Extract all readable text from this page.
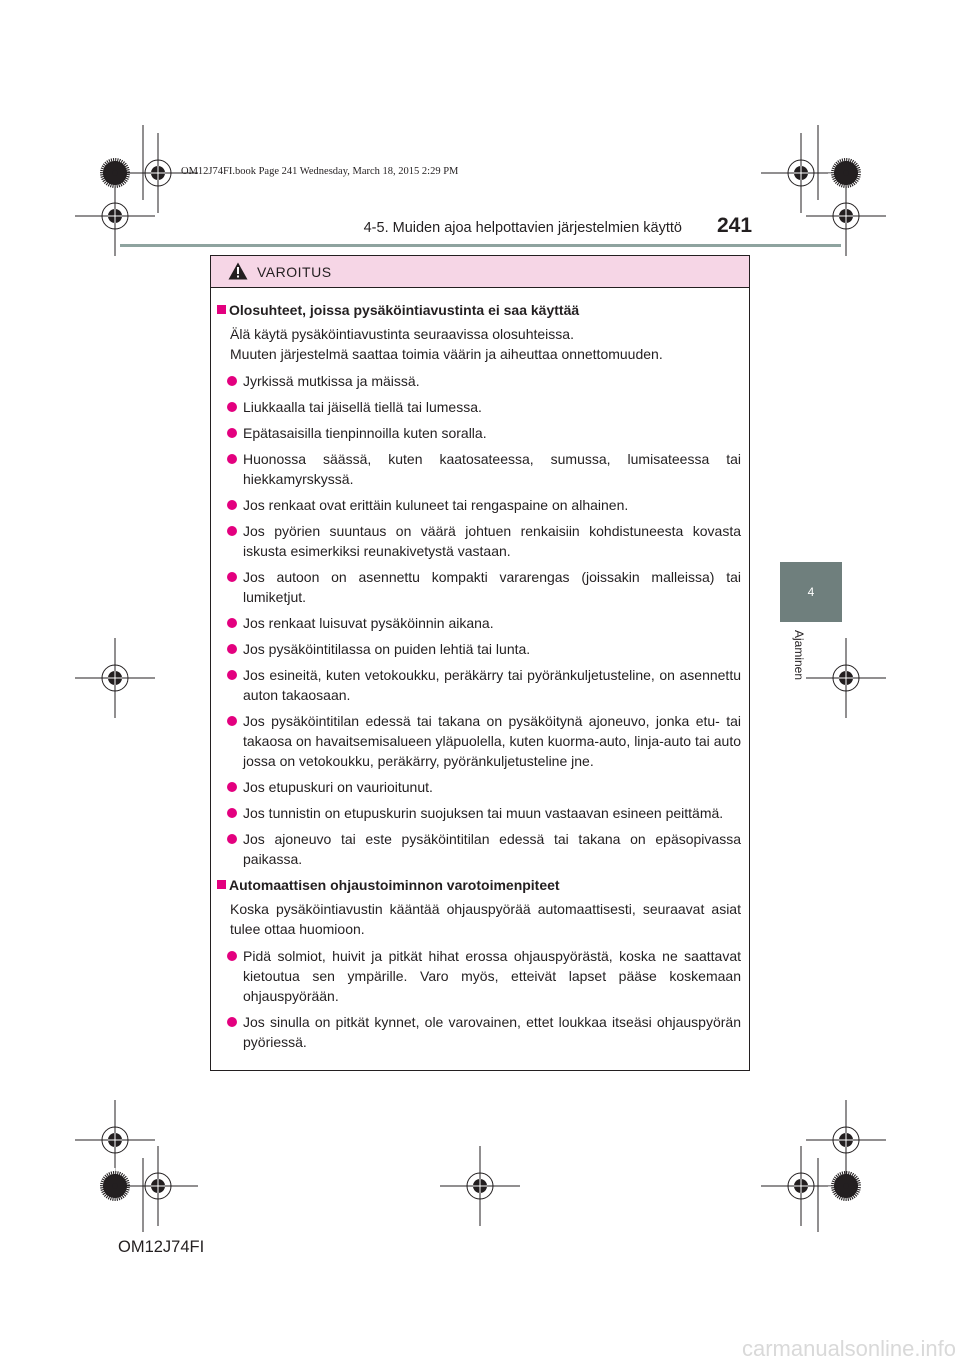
OM12J74FI.book Page 241 Wednesday, March 18, 2015 2:29 PM
4-5. Muiden ajoa helpottavien järjestelmien käyttö 241
4
Ajaminen
VAROITUS
Olosuhteet, joissa pysäköintiavustinta ei saa käyttää
Älä käytä pysäköintiavustinta seuraavissa olosuhteissa.
Muuten järjestelmä saattaa toimia väärin ja aiheuttaa onnettomuuden.
Jyrkissä mutkissa ja mäissä.
Liukkaalla tai jäisellä tiellä tai lumessa.
Epätasaisilla tienpinnoilla kuten soralla.
Huonossa säässä, kuten kaatosateessa, sumussa, lumisateessa tai hiekkamyrskyssä.
Jos renkaat ovat erittäin kuluneet tai rengaspaine on alhainen.
Jos pyörien suuntaus on väärä johtuen renkaisiin kohdistuneesta kovasta iskusta esimerkiksi reunakivetystä vastaan.
Jos autoon on asennettu kompakti vararengas (joissakin malleissa) tai lumiketjut.
Jos renkaat luisuvat pysäköinnin aikana.
Jos pysäköintitilassa on puiden lehtiä tai lunta.
Jos esineitä, kuten vetokoukku, peräkärry tai pyöränkuljetusteline, on asennettu auton takaosaan.
Jos pysäköintitilan edessä tai takana on pysäköitynä ajoneuvo, jonka etu- tai takaosa on havaitsemisalueen yläpuolella, kuten kuorma-auto, linja-auto tai auto jossa on vetokoukku, peräkärry, pyöränkuljetusteline jne.
Jos etupuskuri on vaurioitunut.
Jos tunnistin on etupuskurin suojuksen tai muun vastaavan esineen peittämä.
Jos ajoneuvo tai este pysäköintitilan edessä tai takana on epäsopivassa paikassa.
Automaattisen ohjaustoiminnon varotoimenpiteet
Koska pysäköintiavustin kääntää ohjauspyörää automaattisesti, seuraavat asiat tulee ottaa huomioon.
Pidä solmiot, huivit ja pitkät hihat erossa ohjauspyörästä, koska ne saattavat kietoutua sen ympärille. Varo myös, etteivät lapset pääse koskemaan ohjauspyörään.
Jos sinulla on pitkät kynnet, ole varovainen, ettet loukkaa itseäsi ohjauspyörän pyöriessä.
OM12J74FI
carmanualsonline.info
